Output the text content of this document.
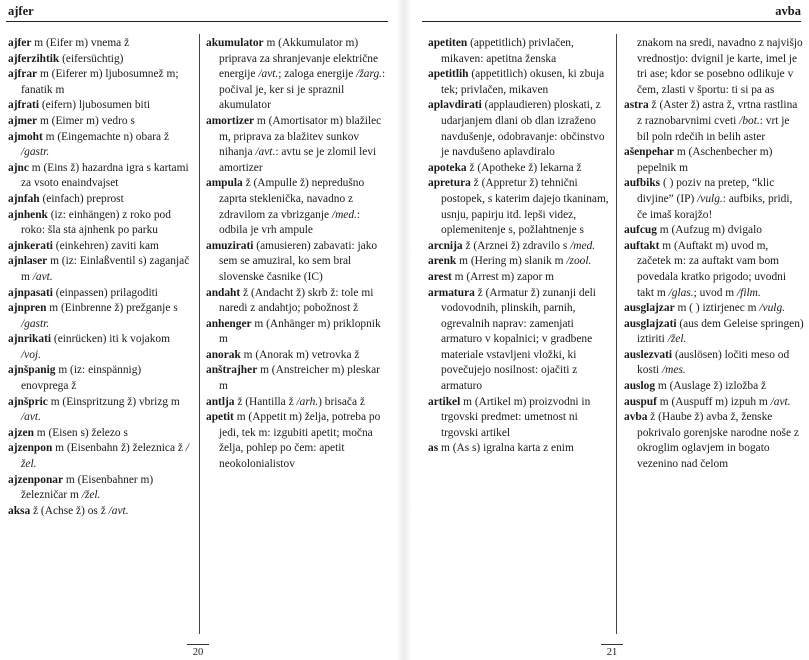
ajfer

ajfer m (Eifer m) vnema ž

ajferzihtik (eifersüchtig)

ajfrar m (Eiferer m) ljubosumnež m; fanatik m

ajfrati (eifern) ljubosumen biti

ajmer m (Eimer m) vedro s

ajmoht m (Eingemachte n) obara ž /gastr.

ajnc m (Eins ž) hazardna igra s kartami za vsoto enaindvajset

ajnfah (einfach) preprost

ajnhenk (iz: einhängen) z roko pod roko: šla sta ajnhenk po parku

ajnkerati (einkehren) zaviti kam

ajnlaser m (iz: Einlaßventil s) zaganjač m /avt.

ajnpasati (einpassen) prilagoditi

ajnpren m (Einbrenne ž) prežganje s /gastr.

ajnrikati (einrücken) iti k vojakom /voj.

ajnšpanig m (iz: einspännig) enovprega ž

ajnšpric m (Einspritzung ž) vbrizg m /avt.

ajzen m (Eisen s) železo s

ajzenpon m (Eisenbahn ž) železnica ž /žel.

ajzenponar m (Eisenbahner m) železničar m /žel.

aksa ž (Achse ž) os ž /avt.

akumulator m (Akkumulator m) priprava za shranjevanje električne energije /avt.; zaloga energije /žarg.: počival je, ker si je spraznil akumulator

amortizer m (Amortisator m) blažilec m, priprava za blažitev sunkov nihanja /avt.: avtu se je zlomil levi amortizer

ampula ž (Ampulle ž) nepredušno zaprta steklenička, navadno z zdravilom za vbrizganje /med.: odbila je vrh ampule

amuzirati (amusieren) zabavati: jako sem se amuziral, ko sem bral slovenske časnike (IC)

andaht ž (Andacht ž) skrb ž: tole mi naredi z andahtjo; pobožnost ž

anhenger m (Anhänger m) priklopnik m

anorak m (Anorak m) vetrovka ž

anštrajher m (Anstreicher m) pleskar m

antlja ž (Hantilla ž /arh.) brisača ž

apetit m (Appetit m) želja, potreba po jedi, tek m: izgubiti apetit; močna želja, pohlep po čem: apetit neokolonialistov

20
avba

apetiten (appetitlich) privlačen, mikaven: apetitna ženska

apetitlih (appetitlich) okusen, ki zbuja tek; privlačen, mikaven

aplavdirati (applaudieren) ploskati, z udarjanjem dlani ob dlan izraženo navdušenje, odobravanje: občinstvo je navdušeno aplavdiralo

apoteka ž (Apotheke ž) lekarna ž

apretura ž (Appretur ž) tehnični postopek, s katerim dajejo tkaninam, usnju, papirju itd. lepši videz, oplemenitenje s, požlahtnenje s

arcnija ž (Arznei ž) zdravilo s /med.

arenk m (Hering m) slanik m /zool.

arest m (Arrest m) zapor m

armatura ž (Armatur ž) zunanji deli vodovodnih, plinskih, parnih, ogrevalnih naprav: zamenjati armaturo v kopalnici; v gradbene materiale vstavljeni vložki, ki povečujejo nosilnost: ojačiti z armaturo

artikel m (Artikel m) proizvodni in trgovski predmet: umetnost ni trgovski artikel

as m (As s) igralna karta z enim

znakom na sredi, navadno z najvišjo vrednostjo: dvignil je karte, imel je tri ase; kdor se posebno odlikuje v čem, zlasti v športu: ti si pa as

astra ž (Aster ž) astra ž, vrtna rastlina z raznobarvnimi cveti /bot.: vrt je bil poln rdečih in belih aster

ašenpehar m (Aschenbecher m) pepelnik m

aufbiks ( ) poziv na pretep, “klic divjine” (IP) /vulg.: aufbiks, pridi, če imaš korajžo!

aufcug m (Aufzug m) dvigalo

auftakt m (Auftakt m) uvod m, začetek m: za auftakt vam bom povedala kratko prigodo; uvodni takt m /glas.; uvod m /film.

ausglajzar m ( ) iztirjenec m /vulg.

ausglajzati (aus dem Geleise springen) iztiriti /žel.

auslezvati (auslösen) ločiti meso od kosti /mes.

auslog m (Auslage ž) izložba ž

auspuf m (Auspuff m) izpuh m /avt.

avba ž (Haube ž) avba ž, ženske pokrivalo gorenjske narodne noše z okroglim oglavjem in bogato vezenino nad čelom

21
